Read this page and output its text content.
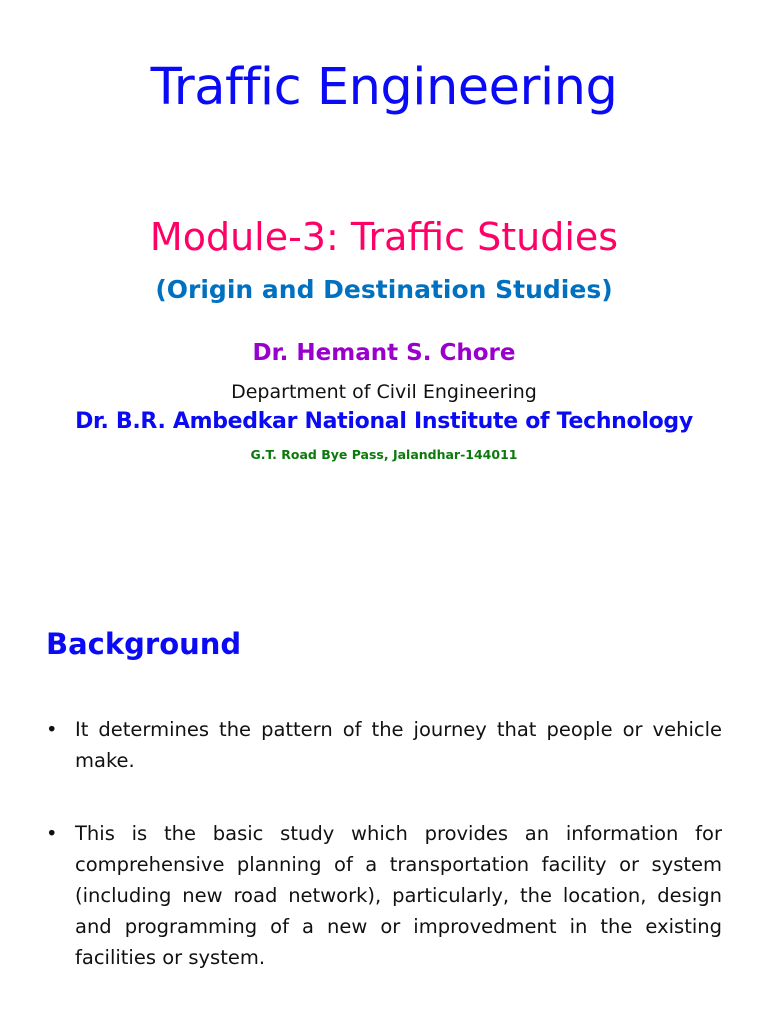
Traffic Engineering
Module-3: Traffic Studies
(Origin and Destination Studies)
Dr. Hemant S. Chore
Department of Civil Engineering
Dr. B.R. Ambedkar National Institute of Technology
G.T. Road Bye Pass, Jalandhar-144011
Background
• It determines the pattern of the journey that people or vehicle make.
• This is the basic study which provides an information for comprehensive planning of a transportation facility or system (including new road network), particularly, the location, design and programming of a new or improvedment in the existing facilities or system.
